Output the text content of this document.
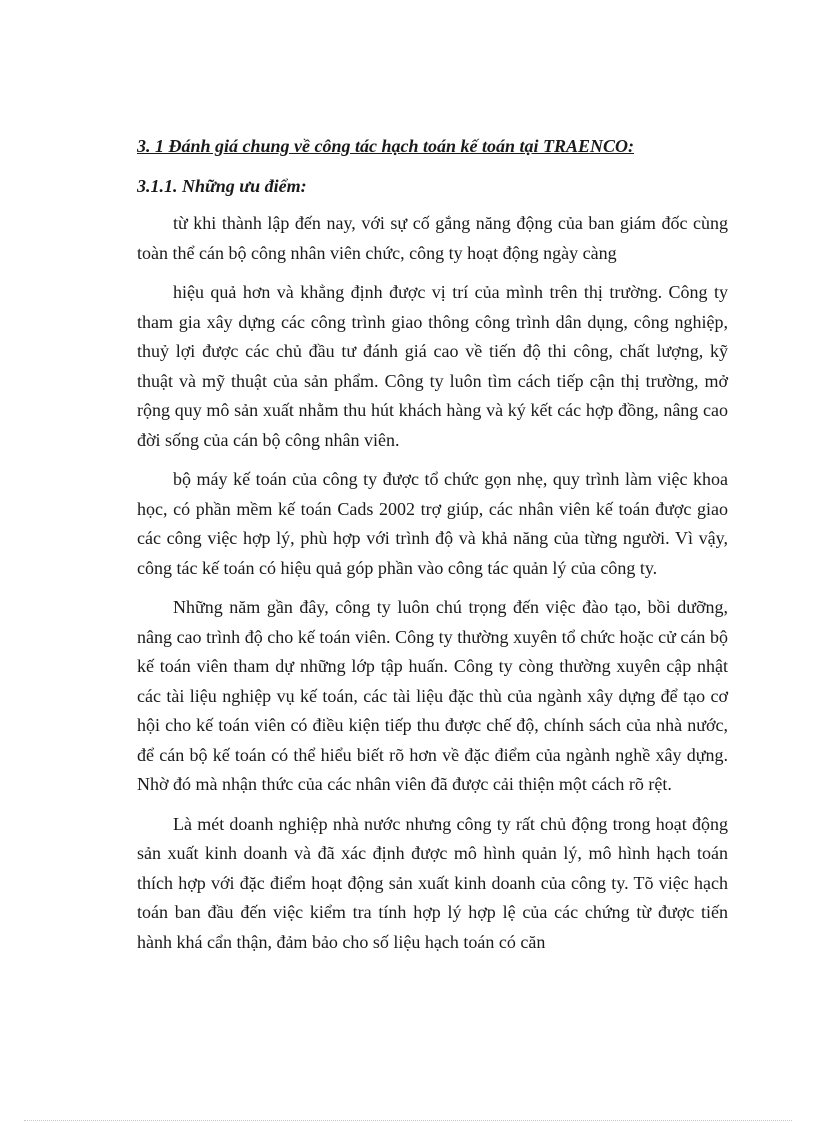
3. 1 Đánh giá chung về công tác hạch toán kế toán tại TRAENCO:
3.1.1. Những ưu điểm:

từ khi thành lập đến nay, với sự cố gắng năng động của ban giám đốc cùng toàn thể cán bộ công nhân viên chức, công ty hoạt động ngày càng

hiệu quả hơn và khẳng định được vị trí của mình trên thị trường. Công ty tham gia xây dựng các công trình giao thông công trình dân dụng, công nghiệp, thuỷ lợi được các chủ đầu tư đánh giá cao về tiến độ thi công, chất lượng, kỹ thuật và mỹ thuật của sản phẩm. Công ty luôn tìm cách tiếp cận thị trường, mở rộng quy mô sản xuất nhằm thu hút khách hàng và ký kết các hợp đồng, nâng cao đời sống của cán bộ công nhân viên.

bộ máy kế toán của công ty được tổ chức gọn nhẹ, quy trình làm việc khoa học, có phần mềm kế toán Cads 2002 trợ giúp, các nhân viên kế toán được giao các công việc hợp lý, phù hợp với trình độ và khả năng của từng người. Vì vậy, công tác kế toán có hiệu quả góp phần vào công tác quản lý của công ty.

Những năm gần đây, công ty luôn chú trọng đến việc đào tạo, bồi dưỡng, nâng cao trình độ cho kế toán viên. Công ty thường xuyên tổ chức hoặc cử cán bộ kế toán viên tham dự những lớp tập huấn. Công ty còng thường xuyên cập nhật các tài liệu nghiệp vụ kế toán, các tài liệu đặc thù của ngành xây dựng để tạo cơ hội cho kế toán viên có điều kiện tiếp thu được chế độ, chính sách của nhà nước, để cán bộ kế toán có thể hiểu biết rõ hơn về đặc điểm của ngành nghề xây dựng. Nhờ đó mà nhận thức của các nhân viên đã được cải thiện một cách rõ rệt.

Là mét doanh nghiệp nhà nước nhưng công ty rất chủ động trong hoạt động sản xuất kinh doanh và đã xác định được mô hình quản lý, mô hình hạch toán thích hợp với đặc điểm hoạt động sản xuất kinh doanh của công ty. Tõ việc hạch toán ban đầu đến việc kiểm tra tính hợp lý hợp lệ của các chứng từ được tiến hành khá cẩn thận, đảm bảo cho số liệu hạch toán có căn
